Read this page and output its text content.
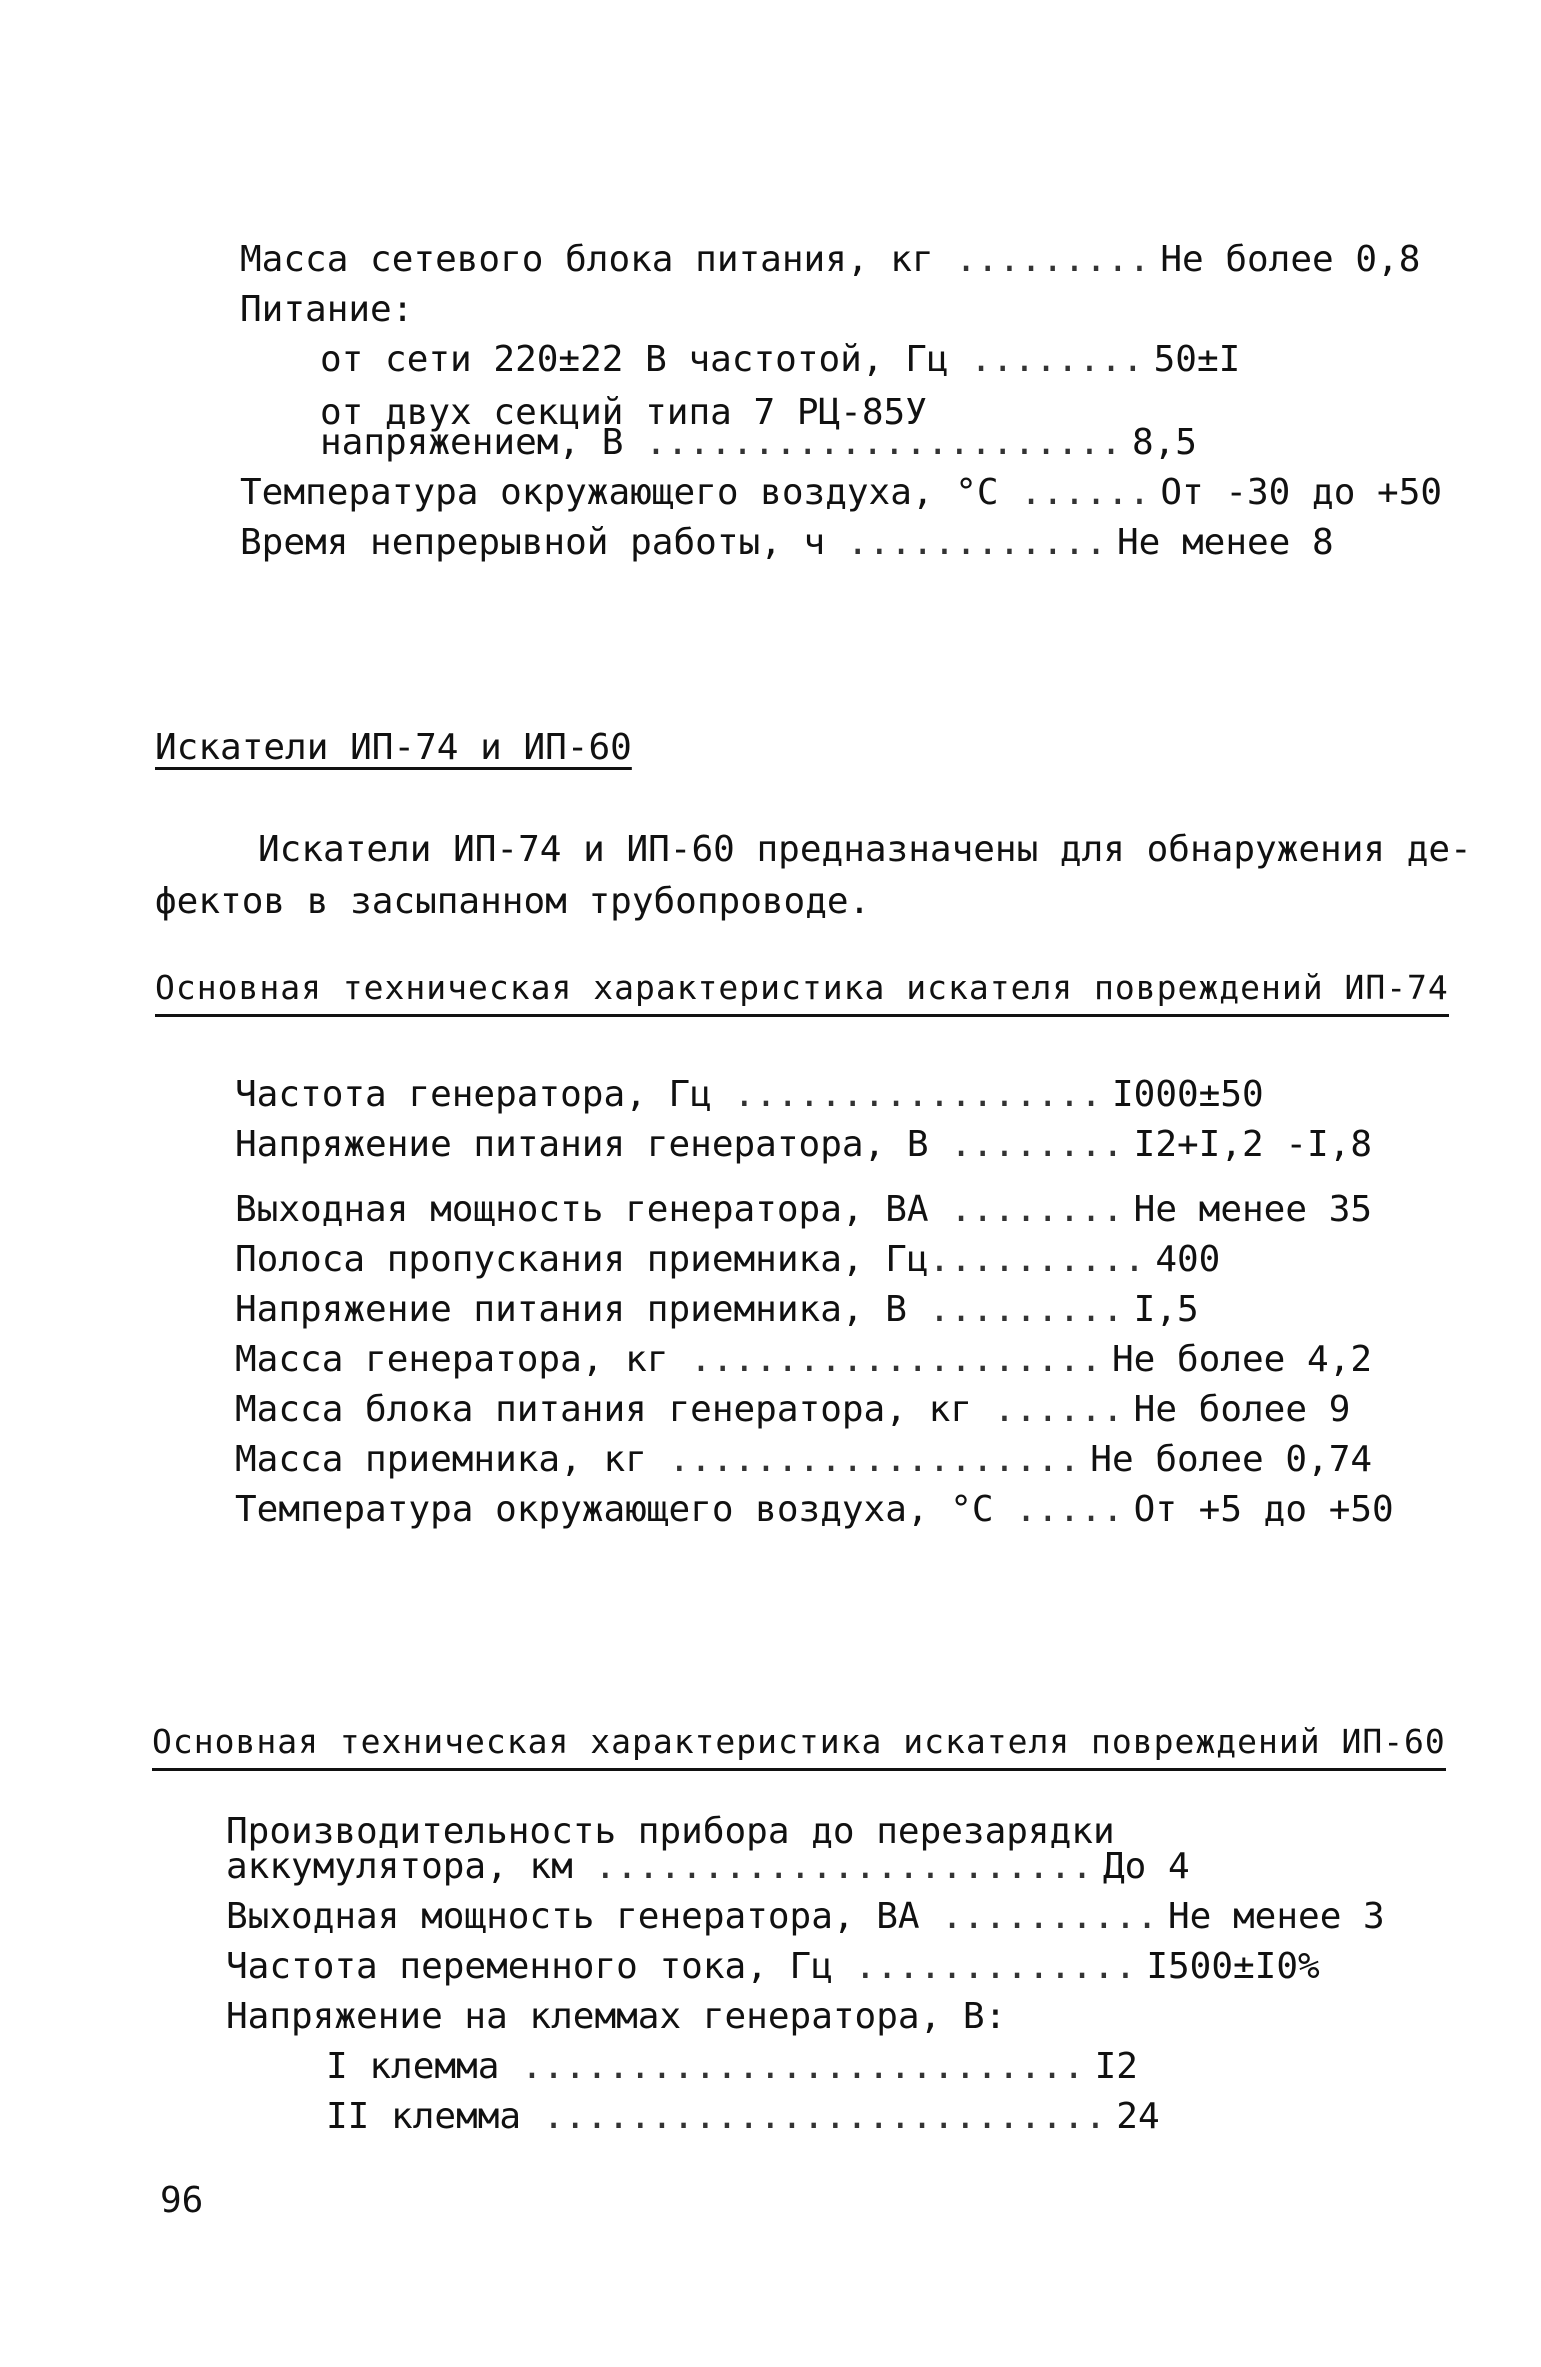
Масса сетевого блока питания, кг ......... Не более 0,8
Питание:
от сети 220±22 В частотой, Гц ........ 50±I
от двух секций типа 7 РЦ-85У
напряжением, В ...................... 8,5
Температура окружающего воздуха, °С ...... От -30 до +50
Время непрерывной работы, ч ............ Не менее 8
Искатели ИП-74 и ИП-60
Искатели ИП-74 и ИП-60 предназначены для обнаружения де-
фектов в засыпанном трубопроводе.
Основная техническая характеристика искателя повреждений ИП-74
Частота генератора, Гц ................. I000±50
Напряжение питания генератора, В ........ I2+I,2 -I,8
Выходная мощность генератора, ВА ........ Не менее 35
Полоса пропускания приемника, Гц .......... 400
Напряжение питания приемника, В ......... I,5
Масса генератора, кг ................... Не более 4,2
Масса блока питания генератора, кг ...... Не более 9
Масса приемника, кг ................... Не более 0,74
Температура окружающего воздуха, °С ..... От +5 до +50
Основная техническая характеристика искателя повреждений ИП-60
Производительность прибора до перезарядки
аккумулятора, км ....................... До 4
Выходная мощность генератора, ВА .......... Не менее 3
Частота переменного тока, Гц ............. I500±I0%
Напряжение на клеммах генератора, В:
I клемма .......................... I2
II клемма .......................... 24
96
